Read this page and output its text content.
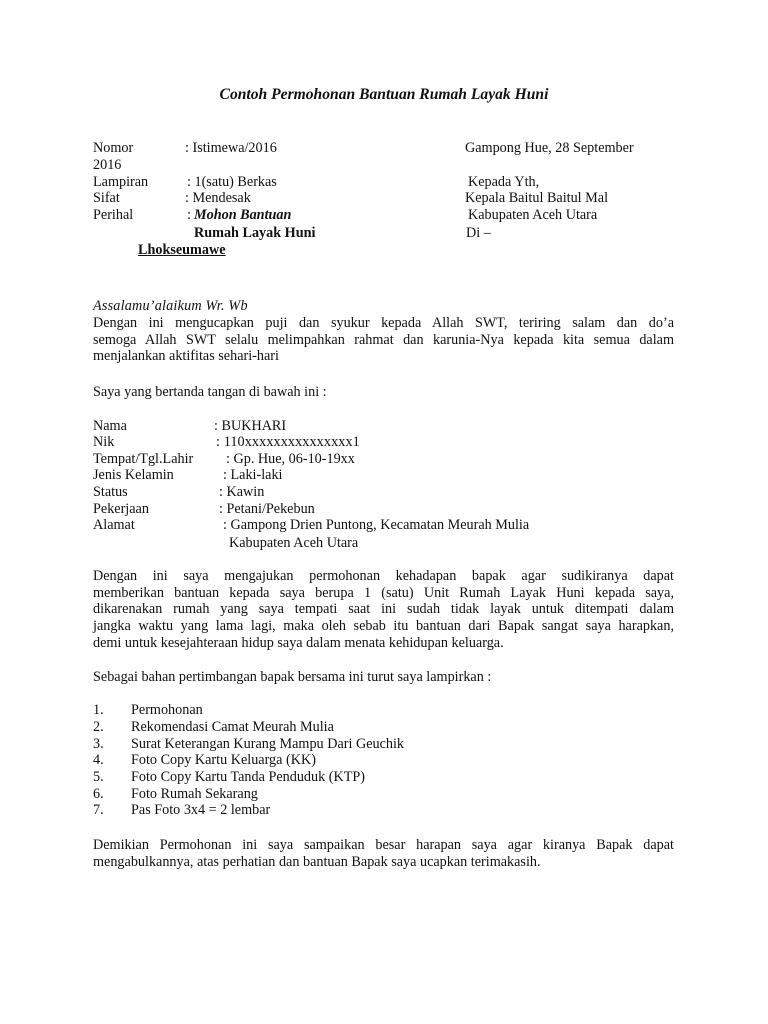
Contoh Permohonan Bantuan Rumah Layak Huni
Nomor	: Istimewa/2016	Gampong Hue, 28 September
2016
Lampiran	: 1(satu) Berkas	Kepada Yth,
Sifat	: Mendesak	Kepala Baitul Baitul Mal
Perihal	: Mohon Bantuan	Kabupaten Aceh Utara
Rumah Layak Huni	Di –
Lhokseumawe
Assalamu’alaikum Wr. Wb
Dengan ini mengucapkan puji dan syukur kepada Allah SWT, teriring salam dan do’a
semoga Allah SWT selalu melimpahkan rahmat dan karunia-Nya kepada kita semua dalam
menjalankan aktifitas sehari-hari
Saya yang bertanda tangan di bawah ini :
Nama	: BUKHARI
Nik	: 110xxxxxxxxxxxxxxx1
Tempat/Tgl.Lahir : Gp. Hue, 06-10-19xx
Jenis Kelamin	: Laki-laki
Status	: Kawin
Pekerjaan	: Petani/Pekebun
Alamat	: Gampong Drien Puntong, Kecamatan Meurah Mulia
Kabupaten Aceh Utara
Dengan ini saya mengajukan permohonan kehadapan bapak agar sudikiranya dapat
memberikan bantuan kepada saya berupa 1 (satu) Unit Rumah Layak Huni kepada saya,
dikarenakan rumah yang saya tempati saat ini sudah tidak layak untuk ditempati dalam
jangka waktu yang lama lagi, maka oleh sebab itu bantuan dari Bapak sangat saya harapkan,
demi untuk kesejahteraan hidup saya dalam menata kehidupan keluarga.
Sebagai bahan pertimbangan bapak bersama ini turut saya lampirkan :
1. Permohonan
2. Rekomendasi Camat Meurah Mulia
3. Surat Keterangan Kurang Mampu Dari Geuchik
4. Foto Copy Kartu Keluarga (KK)
5. Foto Copy Kartu Tanda Penduduk (KTP)
6. Foto Rumah Sekarang
7. Pas Foto 3x4 = 2 lembar
Demikian Permohonan ini saya sampaikan besar harapan saya agar kiranya Bapak dapat
mengabulkannya, atas perhatian dan bantuan Bapak saya ucapkan terimakasih.
